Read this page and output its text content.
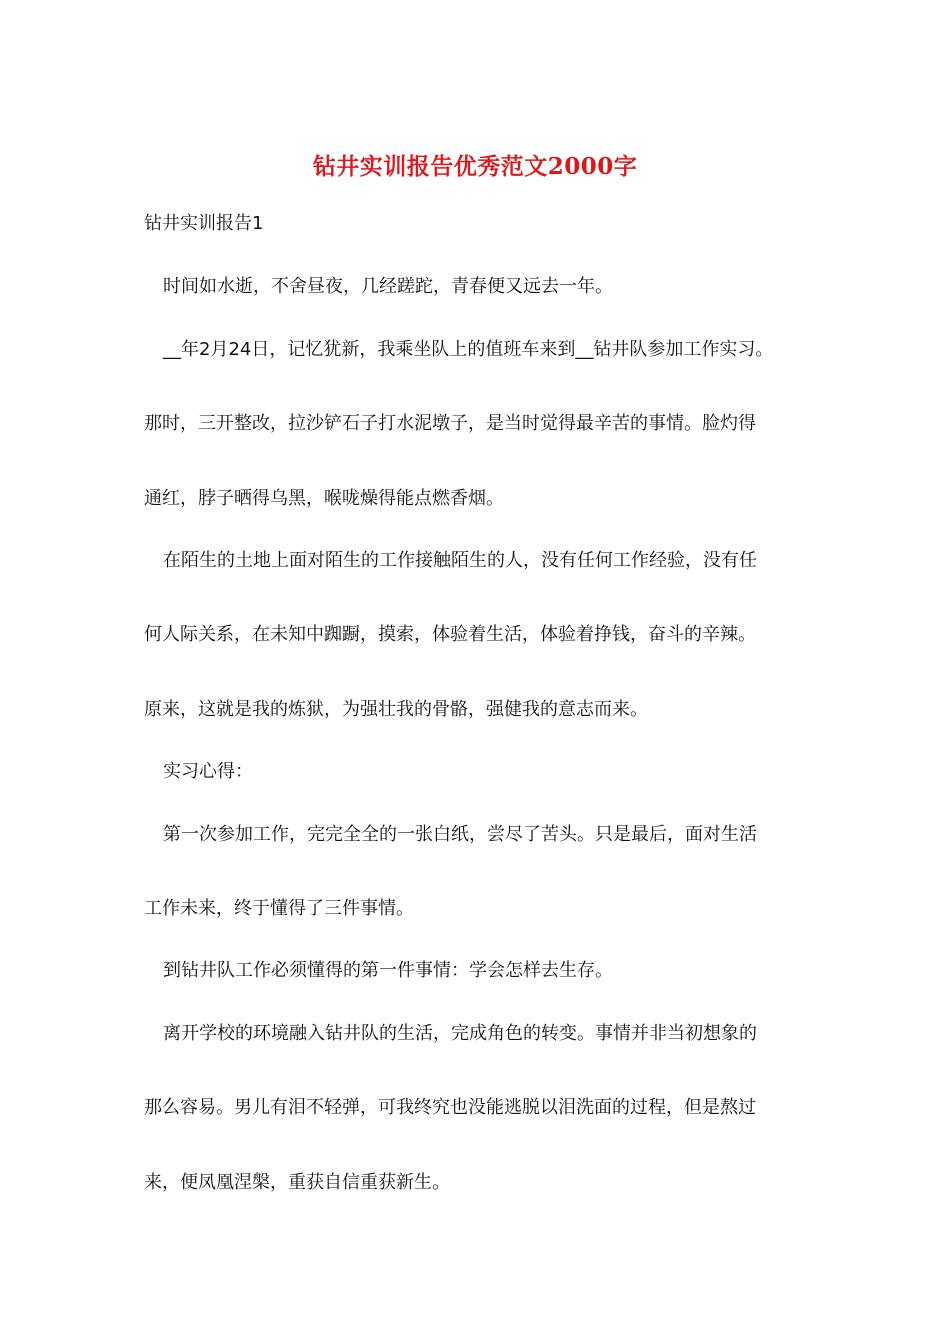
钻井实训报告优秀范文2000字
钻井实训报告1
时间如水逝，不舍昼夜，几经蹉跎，青春便又远去一年。
__年2月24日，记忆犹新，我乘坐队上的值班车来到__钻井队参加工作实习。
那时，三开整改，拉沙铲石子打水泥墩子，是当时觉得最辛苦的事情。脸灼得
通红，脖子晒得乌黑，喉咙燥得能点燃香烟。
在陌生的土地上面对陌生的工作接触陌生的人，没有任何工作经验，没有任
何人际关系，在未知中踟蹰，摸索，体验着生活，体验着挣钱，奋斗的辛辣。
原来，这就是我的炼狱，为强壮我的骨骼，强健我的意志而来。
实习心得：
第一次参加工作，完完全全的一张白纸，尝尽了苦头。只是最后，面对生活
工作未来，终于懂得了三件事情。
到钻井队工作必须懂得的第一件事情：学会怎样去生存。
离开学校的环境融入钻井队的生活，完成角色的转变。事情并非当初想象的
那么容易。男儿有泪不轻弹，可我终究也没能逃脱以泪洗面的过程，但是熬过
来，便凤凰涅槃，重获自信重获新生。
